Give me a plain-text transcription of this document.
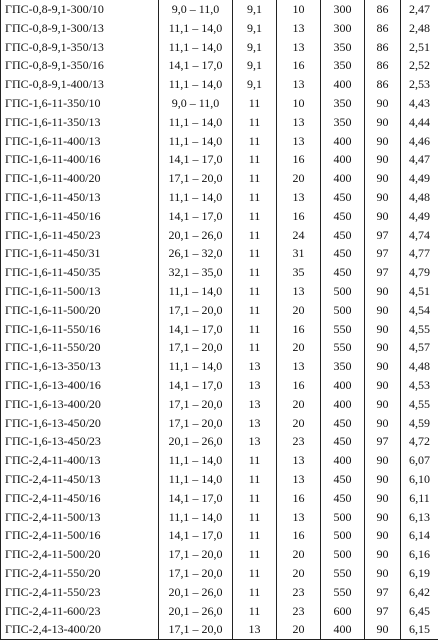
ГПС-0,8-9,1-300/10	9,0 – 11,0	9,1	10	300	86	2,47
ГПС-0,8-9,1-300/13	11,1 – 14,0	9,1	13	300	86	2,48
ГПС-0,8-9,1-350/13	11,1 – 14,0	9,1	13	350	86	2,51
ГПС-0,8-9,1-350/16	14,1 – 17,0	9,1	16	350	86	2,52
ГПС-0,8-9,1-400/13	11,1 – 14,0	9,1	13	400	86	2,53
ГПС-1,6-11-350/10	9,0 – 11,0	11	10	350	90	4,43
ГПС-1,6-11-350/13	11,1 – 14,0	11	13	350	90	4,44
ГПС-1,6-11-400/13	11,1 – 14,0	11	13	400	90	4,46
ГПС-1,6-11-400/16	14,1 – 17,0	11	16	400	90	4,47
ГПС-1,6-11-400/20	17,1 – 20,0	11	20	400	90	4,49
ГПС-1,6-11-450/13	11,1 – 14,0	11	13	450	90	4,48
ГПС-1,6-11-450/16	14,1 – 17,0	11	16	450	90	4,49
ГПС-1,6-11-450/23	20,1 – 26,0	11	24	450	97	4,74
ГПС-1,6-11-450/31	26,1 – 32,0	11	31	450	97	4,77
ГПС-1,6-11-450/35	32,1 – 35,0	11	35	450	97	4,79
ГПС-1,6-11-500/13	11,1 – 14,0	11	13	500	90	4,51
ГПС-1,6-11-500/20	17,1 – 20,0	11	20	500	90	4,54
ГПС-1,6-11-550/16	14,1 – 17,0	11	16	550	90	4,55
ГПС-1,6-11-550/20	17,1 – 20,0	11	20	550	90	4,57
ГПС-1,6-13-350/13	11,1 – 14,0	13	13	350	90	4,48
ГПС-1,6-13-400/16	14,1 – 17,0	13	16	400	90	4,53
ГПС-1,6-13-400/20	17,1 – 20,0	13	20	400	90	4,55
ГПС-1,6-13-450/20	17,1 – 20,0	13	20	450	90	4,59
ГПС-1,6-13-450/23	20,1 – 26,0	13	23	450	97	4,72
ГПС-2,4-11-400/13	11,1 – 14,0	11	13	400	90	6,07
ГПС-2,4-11-450/13	11,1 – 14,0	11	13	450	90	6,10
ГПС-2,4-11-450/16	14,1 – 17,0	11	16	450	90	6,11
ГПС-2,4-11-500/13	11,1 – 14,0	11	13	500	90	6,13
ГПС-2,4-11-500/16	14,1 – 17,0	11	16	500	90	6,14
ГПС-2,4-11-500/20	17,1 – 20,0	11	20	500	90	6,16
ГПС-2,4-11-550/20	17,1 – 20,0	11	20	550	90	6,19
ГПС-2,4-11-550/23	20,1 – 26,0	11	23	550	97	6,42
ГПС-2,4-11-600/23	20,1 – 26,0	11	23	600	97	6,45
ГПС-2,4-13-400/20	17,1 – 20,0	13	20	400	90	6,15
